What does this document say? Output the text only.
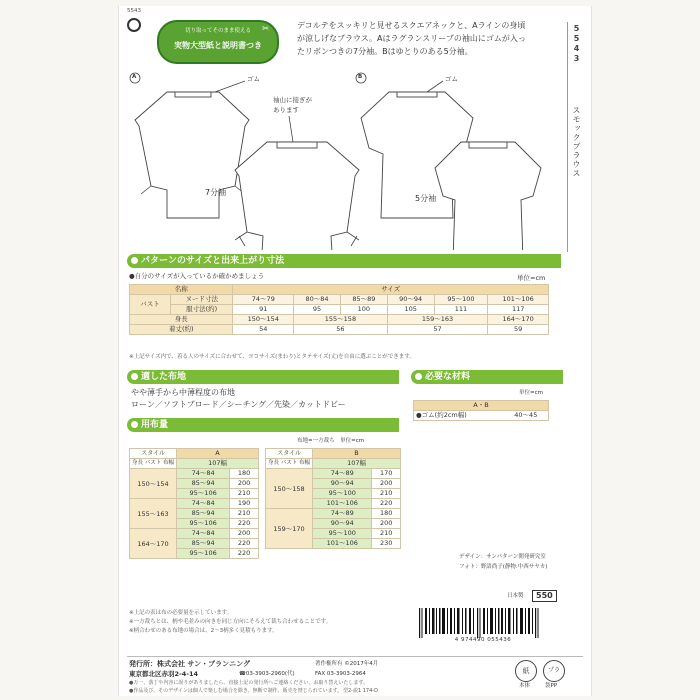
5543
切り取ってそのまま使える
実物大型紙と説明書つき
✂	デコルテをスッキリと見せるスクエアネックと、Aラインの身頃
が涼しげなブラウス。Aはラグランスリーブの袖山にゴムが入っ
たリボンつきの7分袖。Bはゆとりのある5分袖。	5543
スモックブラウス
A	B
ゴム	ゴム
袖山に接ぎが
あります
7分袖
5分袖
パターンのサイズと出来上がり寸法
●自分のサイズが入っているか確かめましょう	単位=cm
名称		サイズ					
バスト	ヌード寸法	74〜79	80〜84	85〜89	90〜94	95〜100	101〜106
	服寸法(約)	91	95	100	105	111	117
身長		150〜154	155〜158		159〜163		164〜170
着丈(約)		54	56		57		59
※上記サイズ内で、着る人のサイズに合わせて、ヨコサイズ(まわり)とタテサイズ(丈)を自由に選ぶことができます。
適した布地
やや薄手から中薄程度の布地
ローン／ソフトブロード／シーチング／先染／カットドビー
必要な材料
単位=cm
A・B
●ゴム(約2cm幅)	40〜45
用布量
布地=一方裁ち　単位=cm
スタイル	A	
身長 バスト 布幅	107幅	
150〜154	74〜84	180
	85〜94	200
	95〜106	210
155〜163	74〜84	190
	85〜94	210
	95〜106	220
164〜170	74〜84	200
	85〜94	220
	95〜106	220
スタイル	B	
身長 バスト 布幅	107幅	
150〜158	74〜89	170
	90〜94	200
	95〜100	210
	101〜106	220
159〜170	74〜89	180
	90〜94	200
	95〜100	210
	101〜106	230
※上記の表は布の必要量を示しています。
※一方裁ちとは、柄や毛並みの向きを同じ方向にそろえて裁ち合わせることです。
※柄合わせのある布地の場合は、2〜3柄多く見積もります。
デザイン：サンパターン開発研究室
フォト：野語尚子(静物:中西サヤカ)
日本製	550
4 974490 055436
発行所：株式会社 サン・プランニング	著作権所有 ©2017年4月
東京都北区赤羽2-4-14	☎03-3903-2960(代)	FAX 03-3903-2964
●万一、落丁や内容に誤りがありましたら、直接上記の発行所へご連絡ください。お取り替えいたします。
●作品及び、そのデザインは個人で楽しむ場合を除き、無断で制作、販売を禁じられています。 型2-説1 174-D
紙	プラ
本体	袋PP
